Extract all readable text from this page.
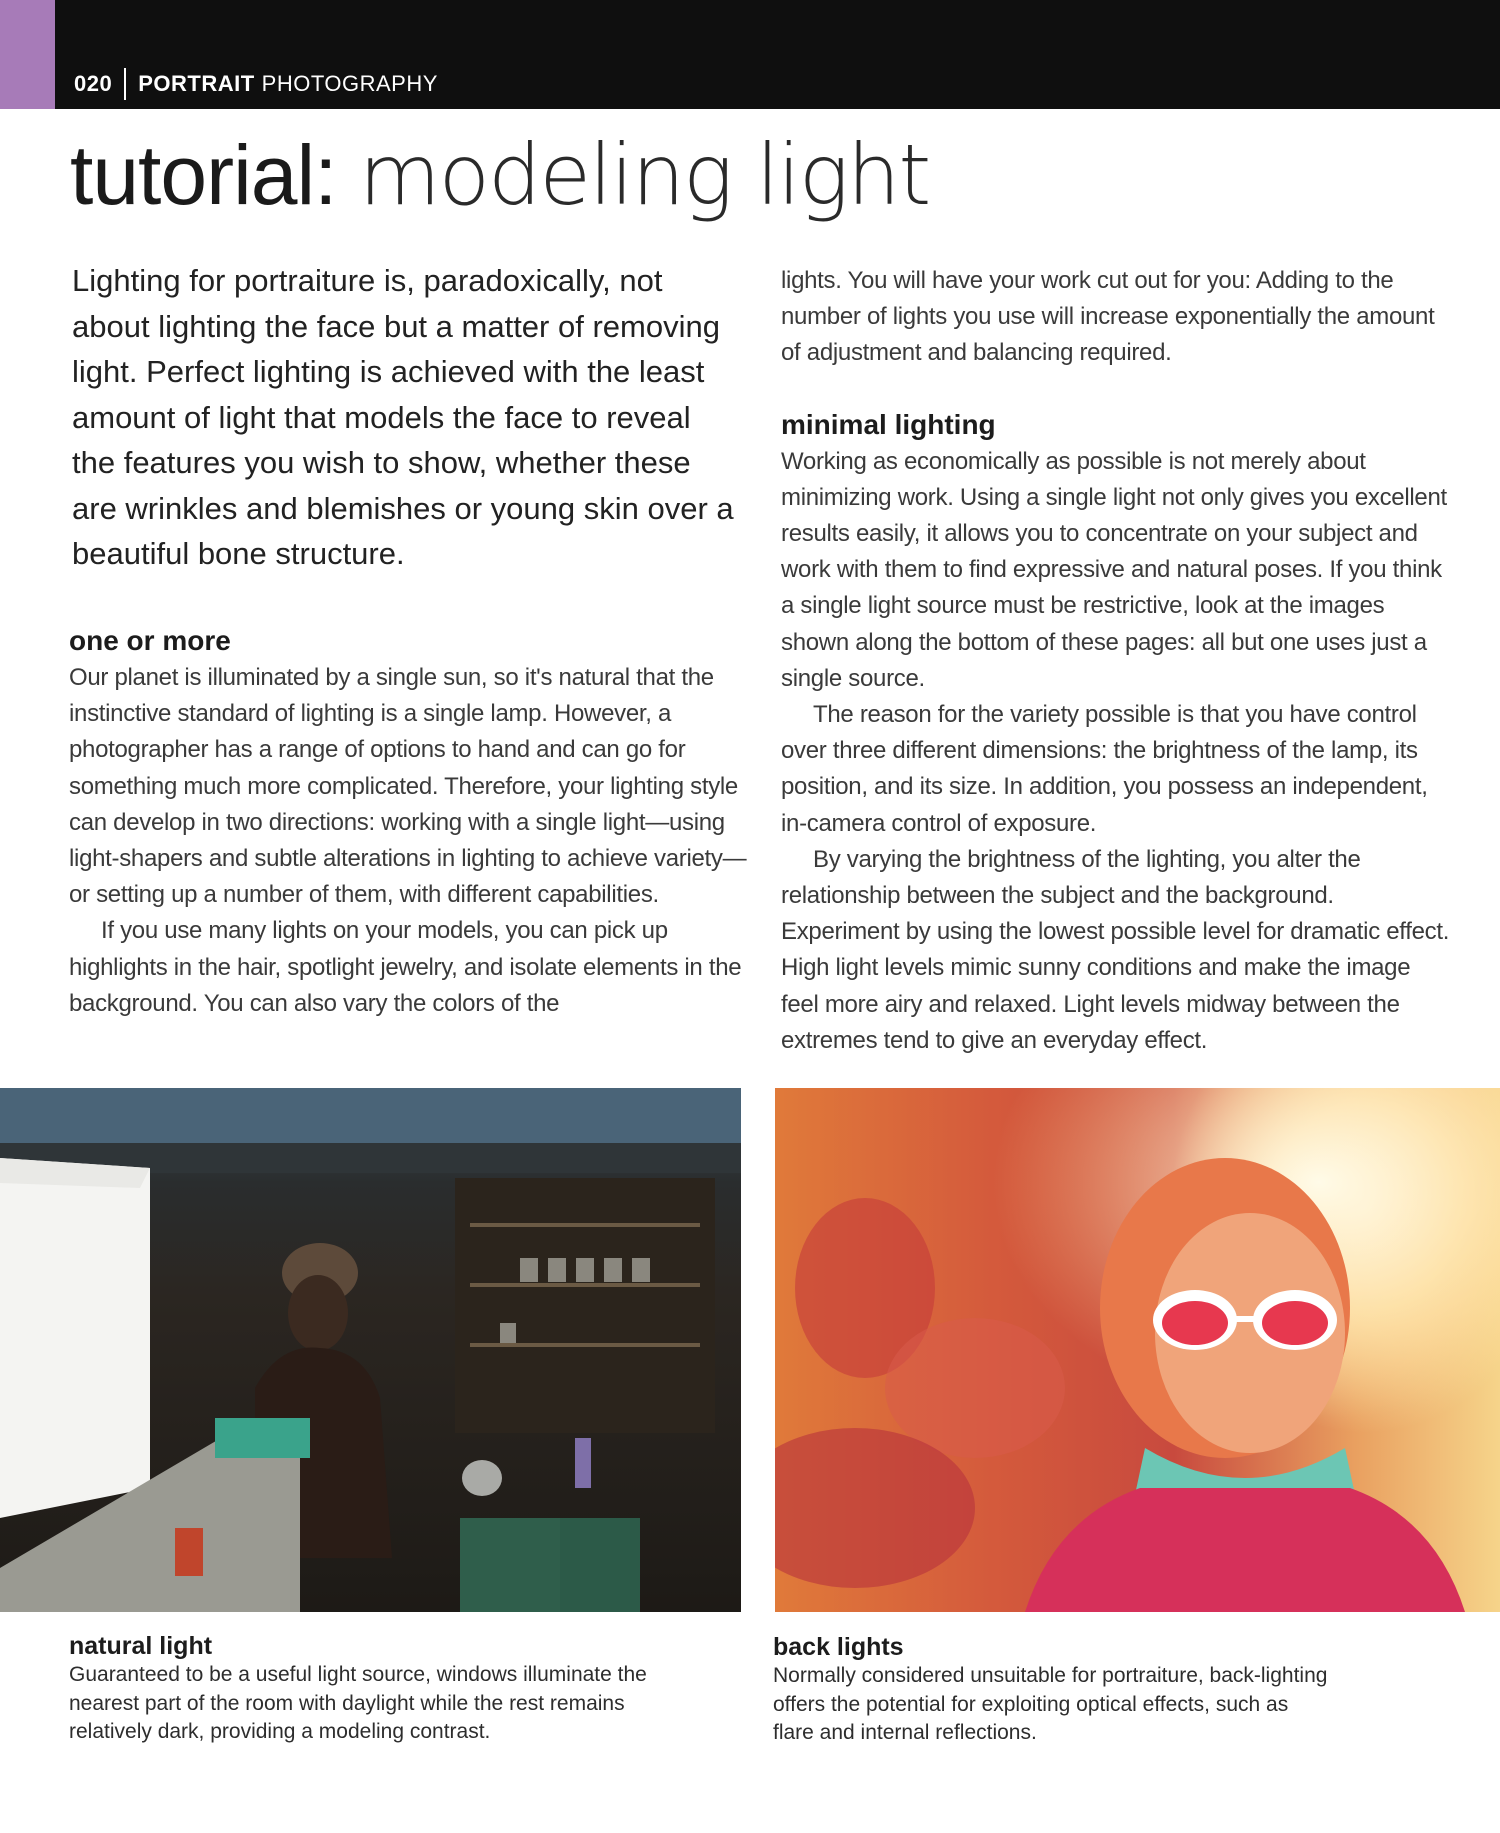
020 PORTRAIT PHOTOGRAPHY
tutorial: modeling light

Lighting for portraiture is, paradoxically, not about lighting the face but a matter of removing light. Perfect lighting is achieved with the least amount of light that models the face to reveal the features you wish to show, whether these are wrinkles and blemishes or young skin over a beautiful bone structure.

one or more

Our planet is illuminated by a single sun, so it's natural that the instinctive standard of lighting is a single lamp. However, a photographer has a range of options to hand and can go for something much more complicated. Therefore, your lighting style can develop in two directions: working with a single light—using light-shapers and subtle alterations in lighting to achieve variety—or setting up a number of them, with different capabilities.

If you use many lights on your models, you can pick up highlights in the hair, spotlight jewelry, and isolate elements in the background. You can also vary the colors of the

lights. You will have your work cut out for you: Adding to the number of lights you use will increase exponentially the amount of adjustment and balancing required.

minimal lighting

Working as economically as possible is not merely about minimizing work. Using a single light not only gives you excellent results easily, it allows you to concentrate on your subject and work with them to find expressive and natural poses. If you think a single light source must be restrictive, look at the images shown along the bottom of these pages: all but one uses just a single source.

The reason for the variety possible is that you have control over three different dimensions: the brightness of the lamp, its position, and its size. In addition, you possess an independent, in-camera control of exposure.

By varying the brightness of the lighting, you alter the relationship between the subject and the background. Experiment by using the lowest possible level for dramatic effect. High light levels mimic sunny conditions and make the image feel more airy and relaxed. Light levels midway between the extremes tend to give an everyday effect.

natural light

Guaranteed to be a useful light source, windows illuminate the nearest part of the room with daylight while the rest remains relatively dark, providing a modeling contrast.

back lights

Normally considered unsuitable for portraiture, back-lighting offers the potential for exploiting optical effects, such as flare and internal reflections.
